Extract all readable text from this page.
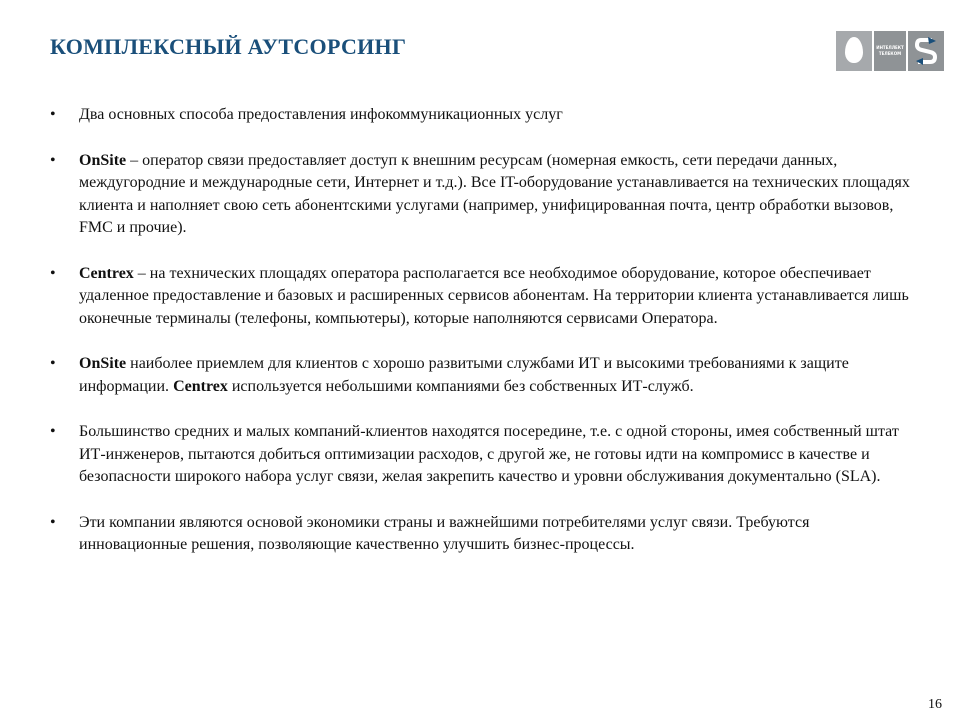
КОМПЛЕКСНЫЙ АУТСОРСИНГ	ИНТЕЛЛЕКТ
ТЕЛЕКОМ
•	Два основных способа предоставления инфокоммуникационных услуг
•	OnSite – оператор связи предоставляет доступ к внешним ресурсам (номерная емкость, сети передачи данных, междугородние и международные сети, Интернет и т.д.). Все IT-оборудование устанавливается на технических площадях клиента и наполняет свою сеть абонентскими услугами (например, унифицированная почта, центр обработки вызовов, FMC и прочие).
•	Centrex – на технических площадях оператора располагается все необходимое оборудование, которое обеспечивает удаленное предоставление и базовых и расширенных сервисов абонентам. На территории клиента устанавливается лишь оконечные терминалы (телефоны, компьютеры), которые наполняются сервисами Оператора.
•	OnSite наиболее приемлем для клиентов с хорошо развитыми службами ИТ и высокими требованиями к защите информации. Centrex используется небольшими компаниями без собственных ИТ-служб.
•	Большинство средних и малых компаний-клиентов находятся посередине, т.е. с одной стороны, имея собственный штат ИТ-инженеров, пытаются добиться оптимизации расходов, с другой же, не готовы идти на компромисс в качестве и безопасности широкого набора услуг связи, желая закрепить качество и уровни обслуживания документально (SLA).
•	Эти компании являются основой экономики страны и важнейшими потребителями услуг связи. Требуются инновационные решения, позволяющие качественно улучшить бизнес-процессы.
16
